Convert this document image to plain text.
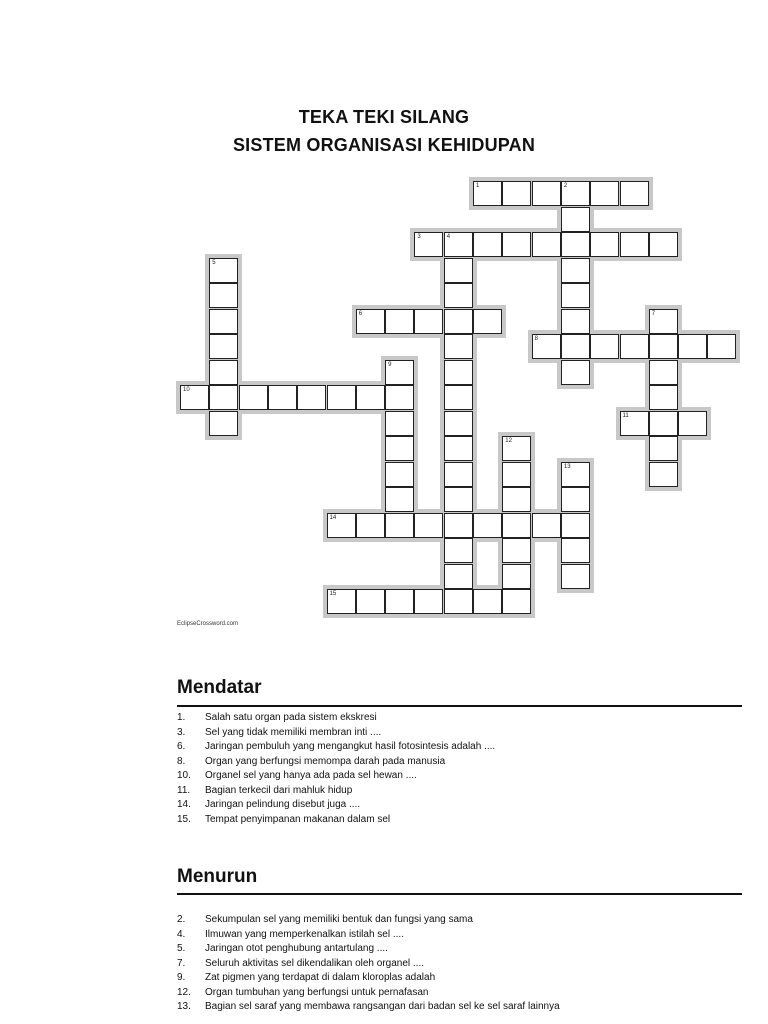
TEKA TEKI SILANG
SISTEM ORGANISASI KEHIDUPAN
1	2
3	4
5
6	7
8
9
10
11
12
13
14
15
EclipseCrossword.com
Mendatar
1.	Salah satu organ pada sistem ekskresi
3.	Sel yang tidak memiliki membran inti ....
6.	Jaringan pembuluh yang mengangkut hasil fotosintesis adalah ....
8.	Organ yang berfungsi memompa darah pada manusia
10.	Organel sel yang hanya ada pada sel hewan ....
11.	Bagian terkecil dari mahluk hidup
14.	Jaringan pelindung disebut juga ....
15.	Tempat penyimpanan makanan dalam sel
Menurun
2.	Sekumpulan sel yang memiliki bentuk dan fungsi yang sama
4.	Ilmuwan yang memperkenalkan istilah sel ....
5.	Jaringan otot penghubung antartulang ....
7.	Seluruh aktivitas sel dikendalikan oleh organel ....
9.	Zat pigmen yang terdapat di dalam kloroplas adalah
12.	Organ tumbuhan yang berfungsi untuk pernafasan
13.	Bagian sel saraf yang membawa rangsangan dari badan sel ke sel saraf lainnya
